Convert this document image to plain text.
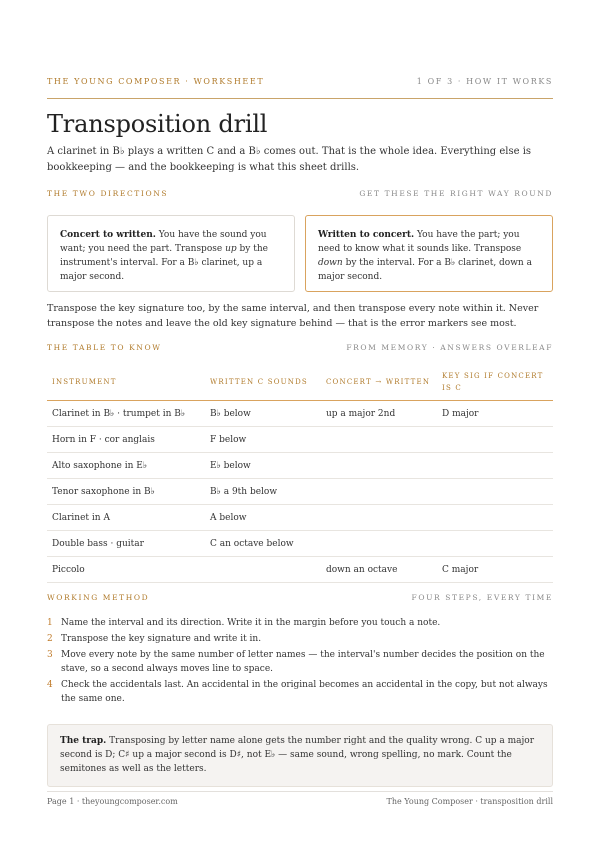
THE YOUNG COMPOSER · WORKSHEET	1 OF 3 · HOW IT WORKS
Transposition drill

A clarinet in B♭ plays a written C and a B♭ comes out. That is the whole idea. Everything else is bookkeeping — and the bookkeeping is what this sheet drills.

THE TWO DIRECTIONS	GET THESE THE RIGHT WAY ROUND
Concert to written. You have the sound you want; you need the part. Transpose up by the instrument's interval. For a B♭ clarinet, up a major second.
Written to concert. You have the part; you need to know what it sounds like. Transpose down by the interval. For a B♭ clarinet, down a major second.

Transpose the key signature too, by the same interval, and then transpose every note within it. Never transpose the notes and leave the old key signature behind — that is the error markers see most.

THE TABLE TO KNOW	FROM MEMORY · ANSWERS OVERLEAF
INSTRUMENT	WRITTEN C SOUNDS	CONCERT → WRITTEN	KEY SIG IF CONCERT IS C
Clarinet in B♭ · trumpet in B♭	B♭ below	up a major 2nd	D major
Horn in F · cor anglais	F below		
Alto saxophone in E♭	E♭ below		
Tenor saxophone in B♭	B♭ a 9th below		
Clarinet in A	A below		
Double bass · guitar	C an octave below		
Piccolo		down an octave	C major
WORKING METHOD	FOUR STEPS, EVERY TIME
1 Name the interval and its direction. Write it in the margin before you touch a note.
2 Transpose the key signature and write it in.
3 Move every note by the same number of letter names — the interval's number decides the position on the stave, so a second always moves line to space.
4 Check the accidentals last. An accidental in the original becomes an accidental in the copy, but not always the same one.
The trap. Transposing by letter name alone gets the number right and the quality wrong. C up a major second is D; C♯ up a major second is D♯, not E♭ — same sound, wrong spelling, no mark. Count the semitones as well as the letters.
Page 1 · theyoungcomposer.com	The Young Composer · transposition drill
